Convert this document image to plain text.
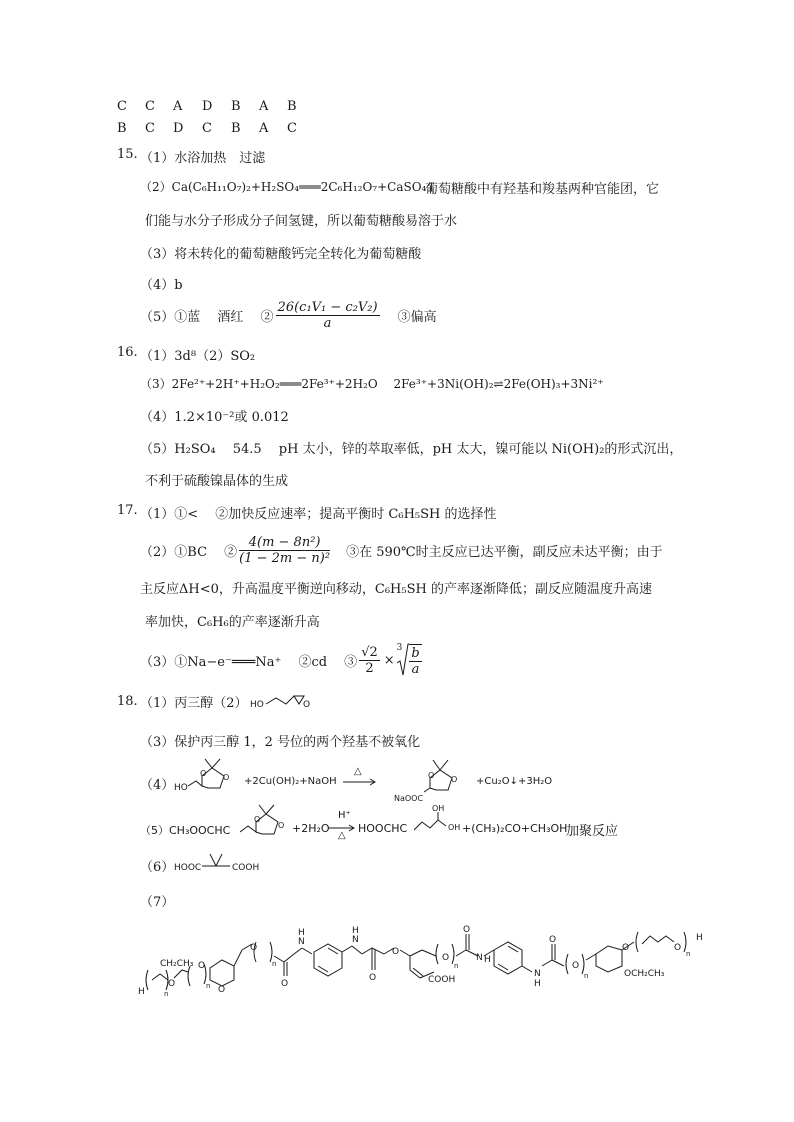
C C A D B A B
B C D C B A C
15. （1）水浴加热　过滤
（2）Ca(C₆H₁₁O₇)₂+H₂SO₄═══2C₆H₁₂O₇+CaSO₄↓
葡萄糖酸中有羟基和羧基两种官能团，它
们能与水分子形成分子间氢键，所以葡萄糖酸易溶于水
（3）将未转化的葡萄糖酸钙完全转化为葡萄糖酸
（4）b
（5）①蓝　 酒红　 ② $\frac{\text{26(c₁V₁ − c₂V₂)}}{a}$ ③偏高
16. （1）3d⁸（2）SO₂
（3）2Fe²⁺+2H⁺+H₂O₂═══2Fe³⁺+2H₂O　 2Fe³⁺+3Ni(OH)₂⇌2Fe(OH)₃+3Ni²⁺
（4）1.2×10⁻²或 0.012
（5）H₂SO₄　 54.5　 pH 太小，锌的萃取率低，pH 太大，镍可能以 Ni(OH)₂的形式沉出，
不利于硫酸镍晶体的生成
17. （1）①<　 ②加快反应速率；提高平衡时 C₆H₅SH 的选择性
（2）①BC　 ② $\frac{\text{4(m − 8n²)}}{\text{(1 − 2m − n)²}}$ ③在 590℃时主反应已达平衡，副反应未达平衡；由于
主反应ΔH<0，升高温度平衡逆向移动，C₆H₅SH 的产率逐渐降低；副反应随温度升高速
率加快，C₆H₆的产率逐渐升高
（3）①Na−e⁻═══Na⁺　 ②cd　 ③ $\frac{√2}{2}$ ×
$^3 \frac{b}{a}$
18. （1）丙三醇（2） HO	O
（3）保护丙三醇 1，2 号位的两个羟基不被氧化
（4） HO
O O +2Cu(OH)₂+NaOH
△
NaOOC
O O +Cu₂O↓+3H₂O
（5）CH₃OOCHC
O
O +2H₂O
H⁺
△
HOOCHC
OH
OH +(CH₃)₂CO+CH₃OH
加聚反应
（6） HOOC	COOH
（7）
H
CH₂CH₃
O
O
O
O
O
N
H
N
H
O
O
COOH
O
O
N H
N
H
O
O
O
OCH₂CH₃
O
H
n
n
n	n
n
n
